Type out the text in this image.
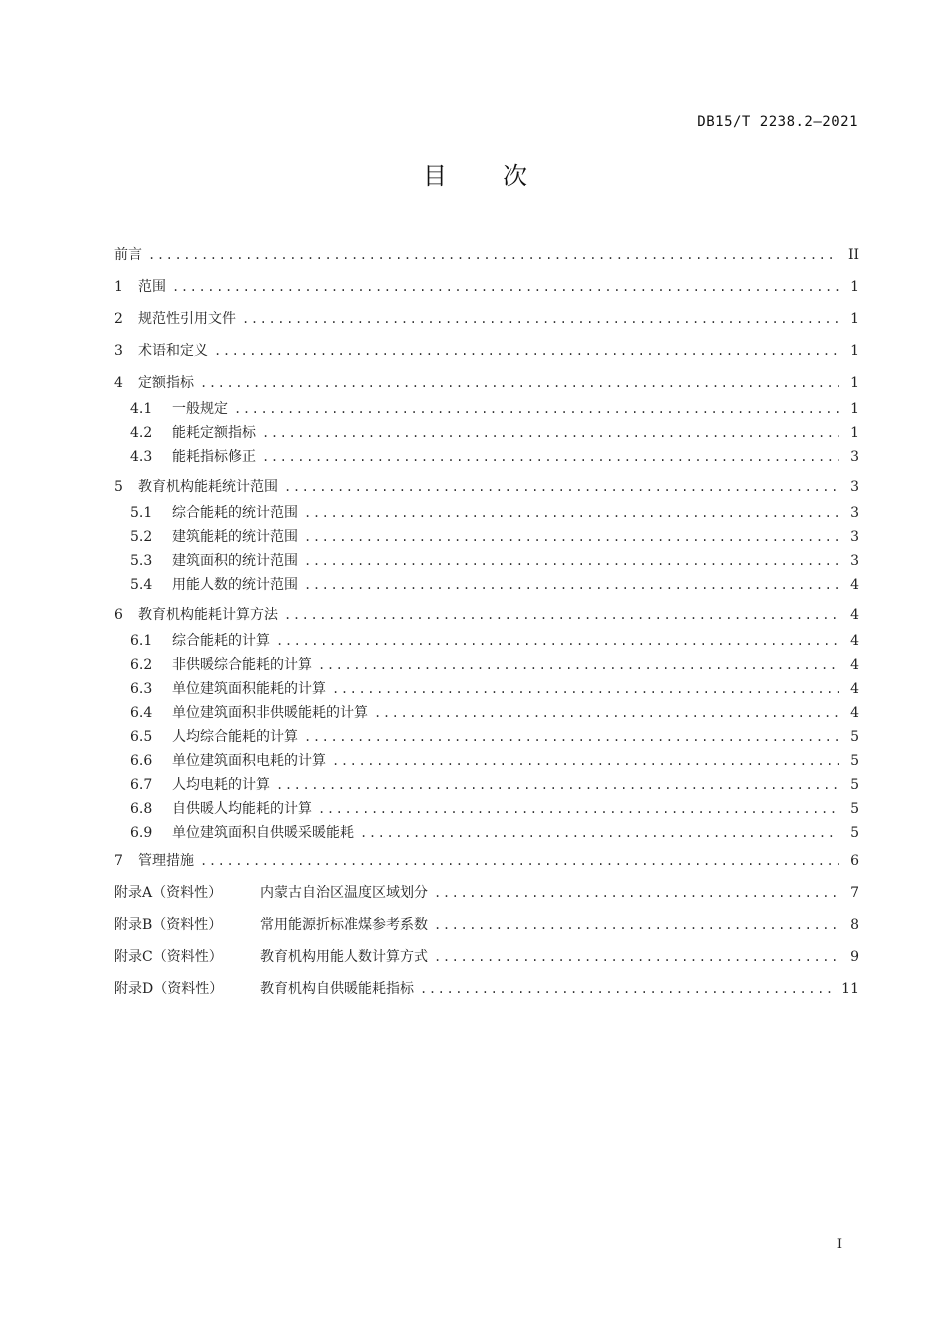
DB15/T 2238.2—2021
目次
前言 .....	II
1 范围 .....	1
2 规范性引用文件 .....	1
3 术语和定义 .....	1
4 定额指标 .....	1
4.1 一般规定 .....	1
4.2 能耗定额指标 .....	1
4.3 能耗指标修正 .....	3
5 教育机构能耗统计范围 .....	3
5.1 综合能耗的统计范围 .....	3
5.2 建筑能耗的统计范围 .....	3
5.3 建筑面积的统计范围 .....	3
5.4 用能人数的统计范围 .....	4
6 教育机构能耗计算方法 .....	4
6.1 综合能耗的计算 .....	4
6.2 非供暖综合能耗的计算 .....	4
6.3 单位建筑面积能耗的计算 .....	4
6.4 单位建筑面积非供暖能耗的计算 .....	4
6.5 人均综合能耗的计算 .....	5
6.6 单位建筑面积电耗的计算 .....	5
6.7 人均电耗的计算 .....	5
6.8 自供暖人均能耗的计算 .....	5
6.9 单位建筑面积自供暖采暖能耗 .....	5
7 管理措施 .....	6
附录A（资料性）	内蒙古自治区温度区域划分 .....	7
附录B（资料性）	常用能源折标准煤参考系数 .....	8
附录C（资料性）	教育机构用能人数计算方式 .....	9
附录D（资料性）	教育机构自供暖能耗指标 .....	11
I
